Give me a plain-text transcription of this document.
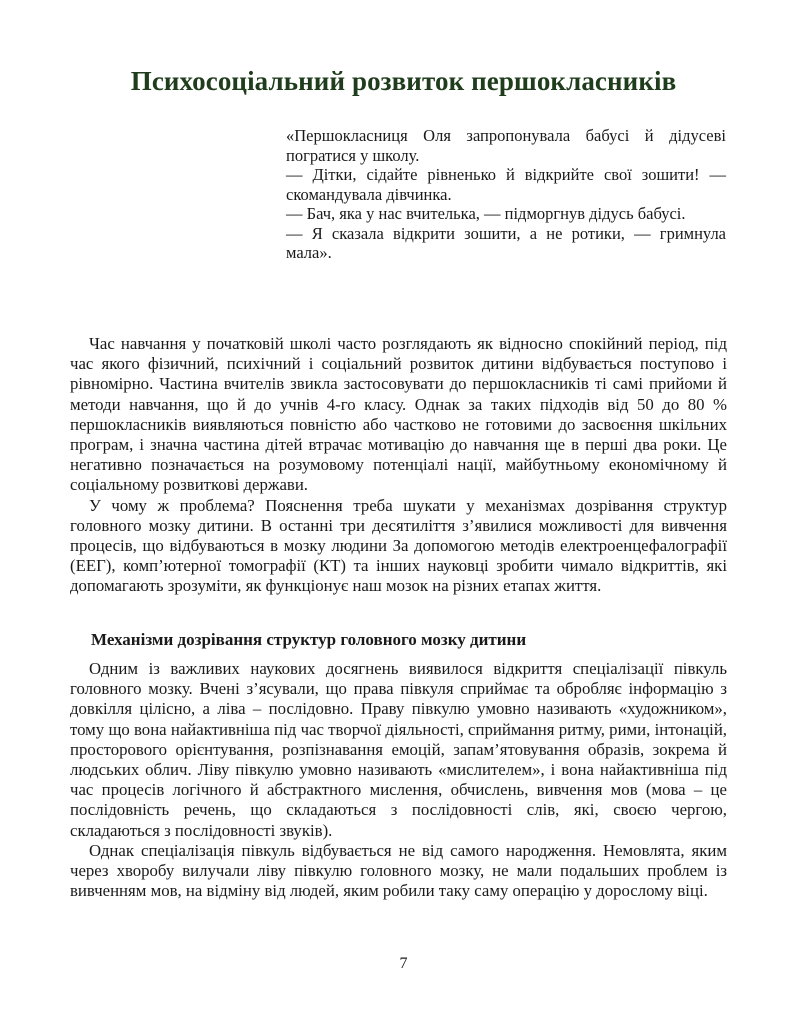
Психосоціальний розвиток першокласників

«Першокласниця Оля запропонувала бабусі й дідусеві погратися у школу.

— Дітки, сідайте рівненько й відкрийте свої зошити! — скомандувала дівчинка.

— Бач, яка у нас вчителька, — підморгнув дідусь бабусі.

— Я сказала відкрити зошити, а не ротики, — гримнула мала».

Час навчання у початковій школі часто розглядають як відносно спокійний період, під час якого фізичний, психічний і соціальний розвиток дитини відбувається поступово і рівномірно. Частина вчителів звикла застосовувати до першокласників ті самі прийоми й методи навчання, що й до учнів 4-го класу. Однак за таких підходів від 50 до 80 % першокласників виявляються повністю або частково не готовими до засвоєння шкільних програм, і значна частина дітей втрачає мотивацію до навчання ще в перші два роки. Це негативно позначається на розумовому потенціалі нації, майбутньому економічному й соціальному розвиткові держави.

У чому ж проблема? Пояснення треба шукати у механізмах дозрівання структур головного мозку дитини. В останні три десятиліття з’явилися можливості для вивчення процесів, що відбуваються в мозку людини За допомогою методів електроенцефалографії (ЕЕГ), комп’ютерної томографії (КТ) та інших науковці зробити чимало відкриттів, які допомагають зрозуміти, як функціонує наш мозок на різних етапах життя.

Механізми дозрівання структур головного мозку дитини

Одним із важливих наукових досягнень виявилося відкриття спеціалізації півкуль головного мозку. Вчені з’ясували, що права півкуля сприймає та обробляє інформацію з довкілля цілісно, а ліва – послідовно. Праву півкулю умовно називають «художником», тому що вона найактивніша під час творчої діяльності, сприймання ритму, рими, інтонацій, просторового орієнтування, розпізнавання емоцій, запам’ятовування образів, зокрема й людських облич. Ліву півкулю умовно називають «мислителем», і вона найактивніша під час процесів логічного й абстрактного мислення, обчислень, вивчення мов (мова – це послідовність речень, що складаються з послідовності слів, які, своєю чергою, складаються з послідовності звуків).

Однак спеціалізація півкуль відбувається не від самого народження. Немовлята, яким через хворобу вилучали ліву півкулю головного мозку, не мали подальших проблем із вивченням мов, на відміну від людей, яким робили таку саму операцію у дорослому віці.

7
